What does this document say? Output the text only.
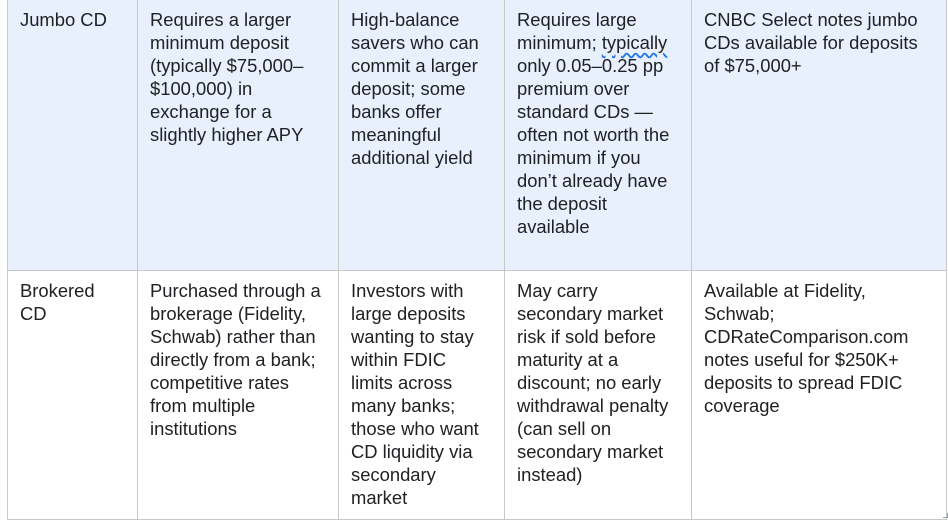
Jumbo CD	Requires a larger minimum deposit (typically $75,000–$100,000) in exchange for a slightly higher APY	High-balance savers who can commit a larger deposit; some banks offer meaningful additional yield	Requires large minimum; typically only 0.05–0.25 pp premium over standard CDs — often not worth the minimum if you don’t already have the deposit available	CNBC Select notes jumbo CDs available for deposits of $75,000+
Brokered CD	Purchased through a brokerage (Fidelity, Schwab) rather than directly from a bank; competitive rates from multiple institutions	Investors with large deposits wanting to stay within FDIC limits across many banks; those who want CD liquidity via secondary market	May carry secondary market risk if sold before maturity at a discount; no early withdrawal penalty (can sell on secondary market instead)	Available at Fidelity, Schwab; CDRateComparison.com notes useful for $250K+ deposits to spread FDIC coverage
